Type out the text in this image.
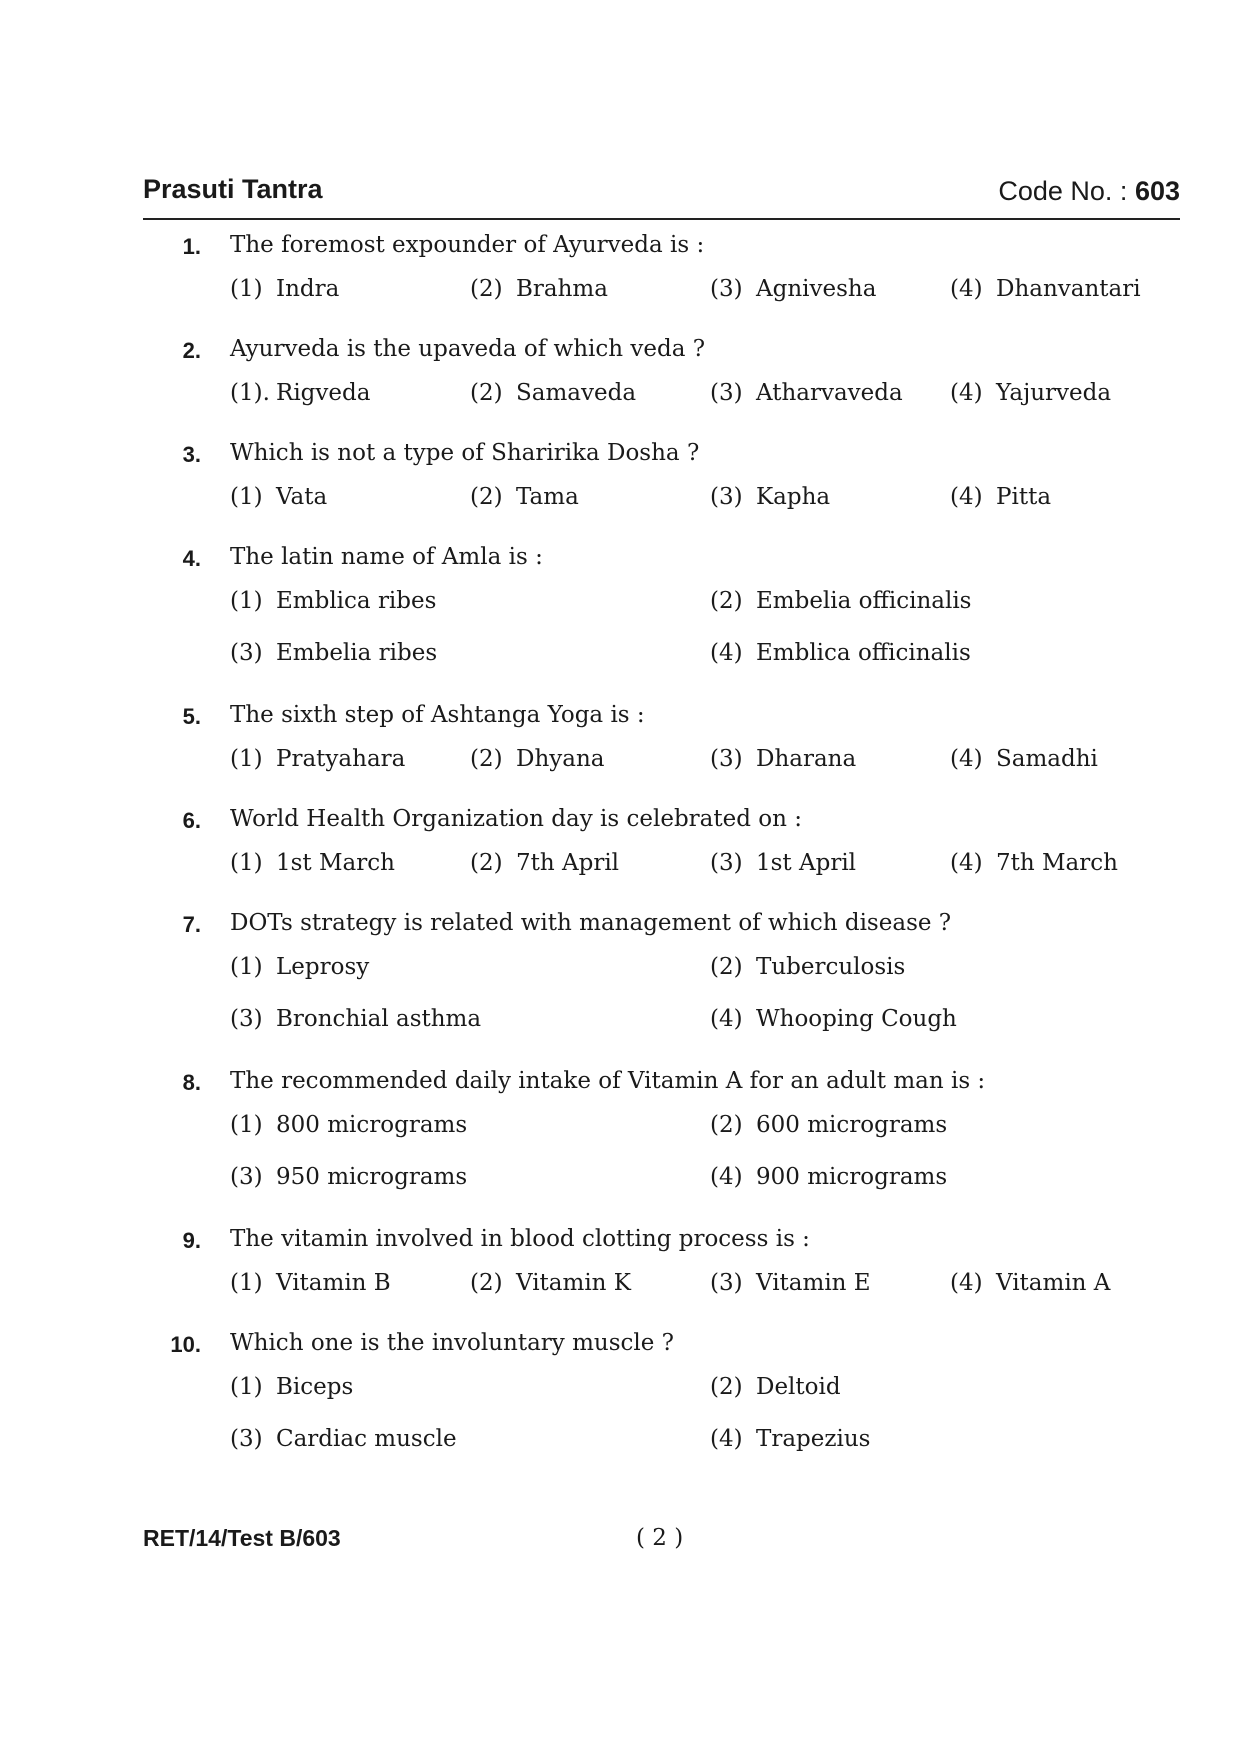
Prasuti Tantra	Code No. : 603
1. The foremost expounder of Ayurveda is :
(1) Indra	(2) Brahma	(3) Agnivesha	(4) Dhanvantari
2. Ayurveda is the upaveda of which veda ?
(1). Rigveda	(2) Samaveda	(3) Atharvaveda (4) Yajurveda
3. Which is not a type of Sharirika Dosha ?
(1) Vata	(2) Tama	(3) Kapha	(4) Pitta
4. The latin name of Amla is :
(1) Emblica ribes	(2) Embelia officinalis
(3) Embelia ribes	(4) Emblica officinalis
5. The sixth step of Ashtanga Yoga is :
(1) Pratyahara	(2) Dhyana	(3) Dharana	(4) Samadhi
6. World Health Organization day is celebrated on :
(1) 1st March	(2) 7th April	(3) 1st April	(4) 7th March
7. DOTs strategy is related with management of which disease ?
(1) Leprosy	(2) Tuberculosis
(3) Bronchial asthma	(4) Whooping Cough
8. The recommended daily intake of Vitamin A for an adult man is :
(1) 800 micrograms	(2) 600 micrograms
(3) 950 micrograms	(4) 900 micrograms
9. The vitamin involved in blood clotting process is :
(1) Vitamin B	(2) Vitamin K	(3) Vitamin E	(4) Vitamin A
10. Which one is the involuntary muscle ?
(1) Biceps	(2) Deltoid
(3) Cardiac muscle	(4) Trapezius
RET/14/Test B/603	( 2 )
